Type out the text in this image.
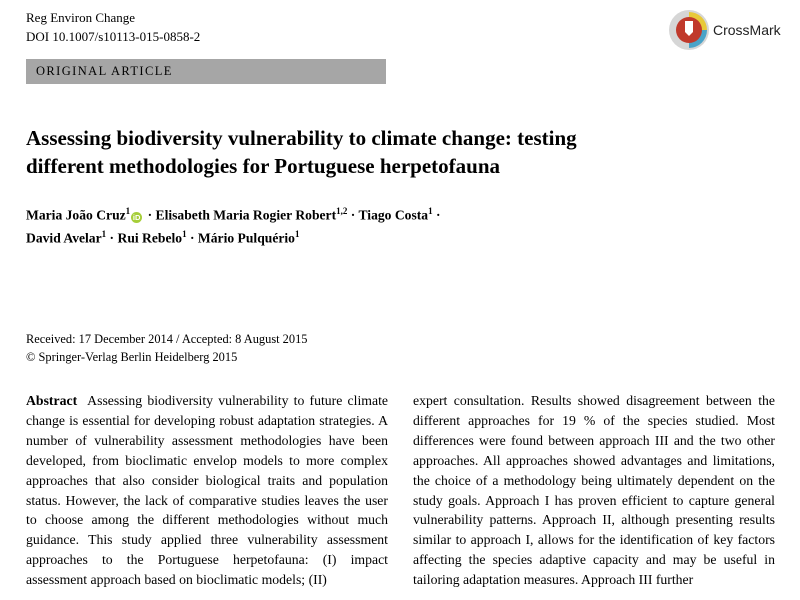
Reg Environ Change
DOI 10.1007/s10113-015-0858-2	CrossMark
ORIGINAL ARTICLE
Assessing biodiversity vulnerability to climate change: testing
different methodologies for Portuguese herpetofauna
Maria João Cruz$^1$iD · Elisabeth Maria Rogier Robert$^{1,2}$ · Tiago Costa$^1$ ·
David Avelar$^1$ · Rui Rebelo$^1$ · Mário Pulquério$^1$
Received: 17 December 2014 / Accepted: 8 August 2015
© Springer-Verlag Berlin Heidelberg 2015

Abstract Assessing biodiversity vulnerability to future climate change is essential for developing robust adaptation strategies. A number of vulnerability assessment methodologies have been developed, from bioclimatic envelop models to more complex approaches that also consider biological traits and population status. However, the lack of comparative studies leaves the user to choose among the different methodologies without much guidance. This study applied three vulnerability assessment approaches to the Portuguese herpetofauna: (I) impact assessment approach based on bioclimatic models; (II)

expert consultation. Results showed disagreement between the different approaches for 19 % of the species studied. Most differences were found between approach III and the two other approaches. All approaches showed advantages and limitations, the choice of a methodology being ultimately dependent on the study goals. Approach I has proven efficient to capture general vulnerability patterns. Approach II, although presenting results similar to approach I, allows for the identification of key factors affecting the species adaptive capacity and may be useful in tailoring adaptation measures. Approach III further
